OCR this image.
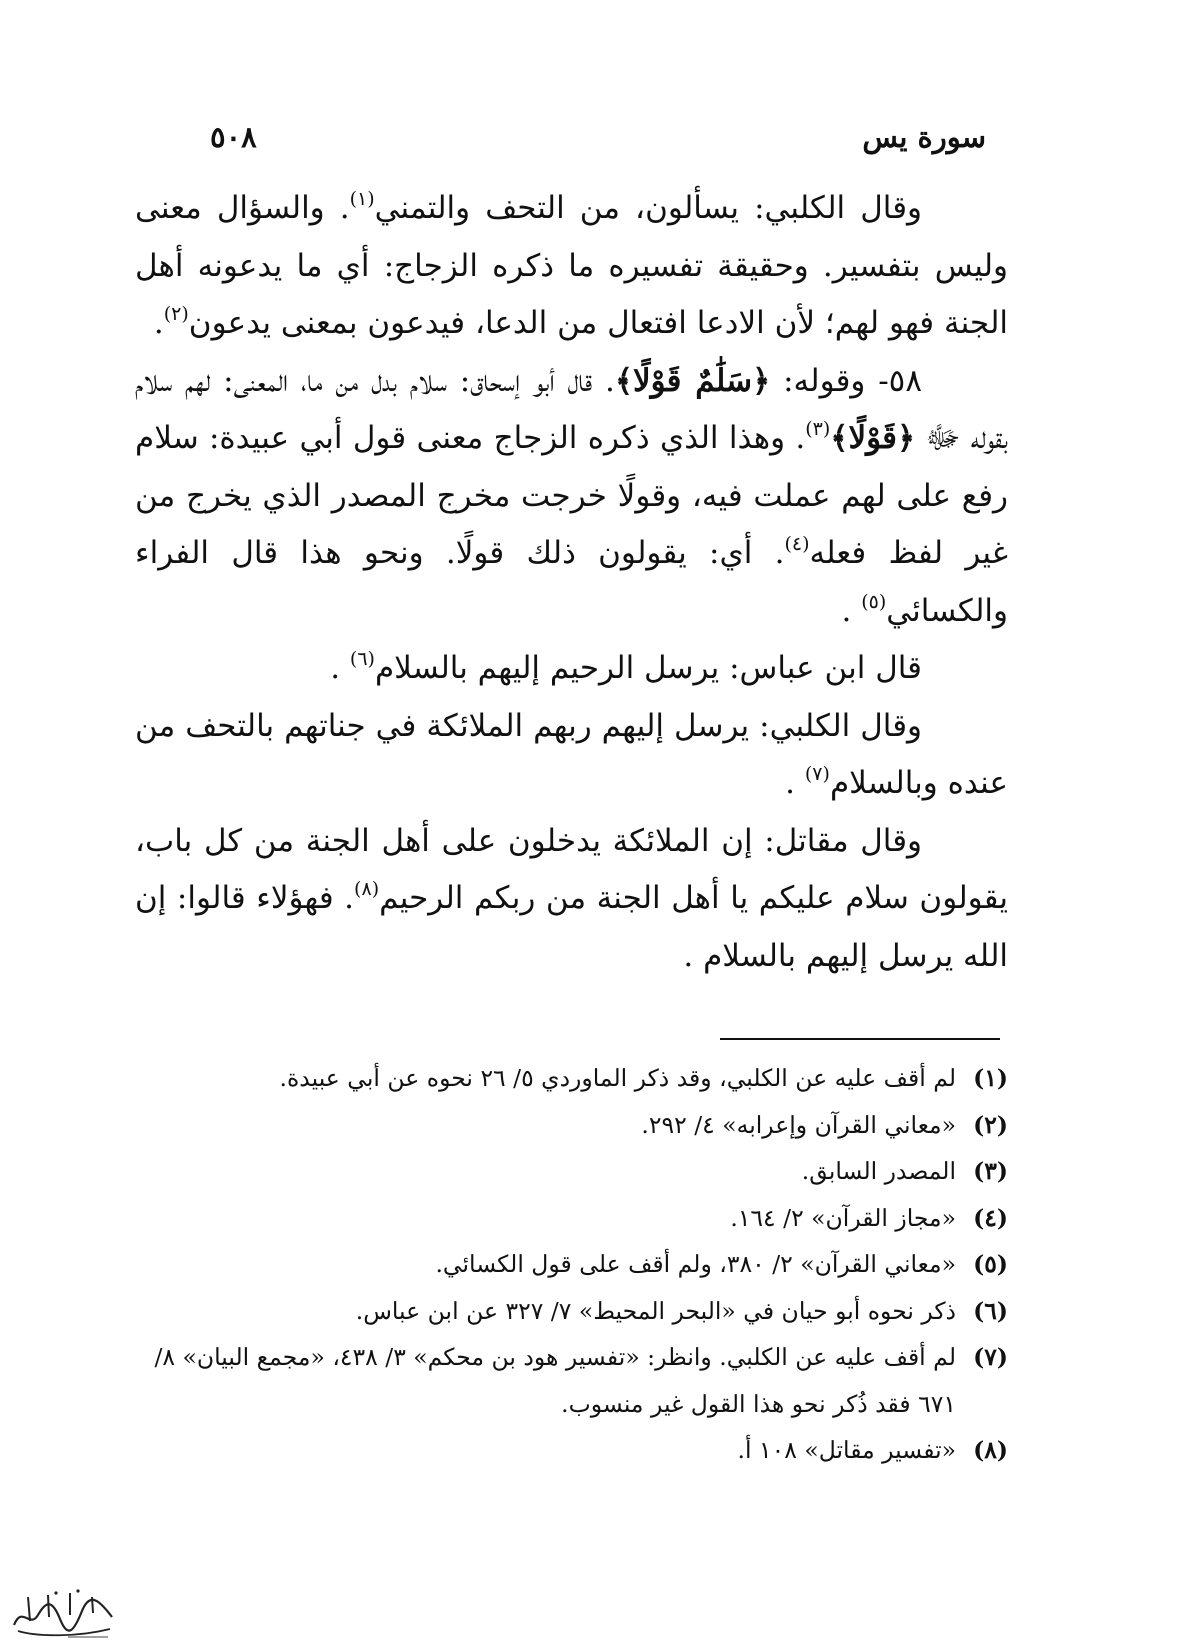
سورة يس
٥٠٨

وقال الكلبي: يسألون، من التحف والتمني$^{(١)}$. والسؤال معنى وليس بتفسير. وحقيقة تفسيره ما ذكره الزجاج: أي ما يدعونه أهل الجنة فهو لهم؛ لأن الادعا افتعال من الدعا، فيدعون بمعنى يدعون$^{(٢)}$.

٥٨- وقوله: ﴿سَلَٰمٌ قَوْلًا﴾. قال أبو إسحاق: سلام بدل من ما، المعنى: لهم سلام بقوله ﷻ ﴿قَوْلًا﴾$^{(٣)}$. وهذا الذي ذكره الزجاج معنى قول أبي عبيدة: سلام رفع على لهم عملت فيه، وقولًا خرجت مخرج المصدر الذي يخرج من غير لفظ فعله$^{(٤)}$. أي: يقولون ذلك قولًا. ونحو هذا قال الفراء والكسائي$^{(٥)}$ .

قال ابن عباس: يرسل الرحيم إليهم بالسلام$^{(٦)}$ .

وقال الكلبي: يرسل إليهم ربهم الملائكة في جناتهم بالتحف من عنده وبالسلام$^{(٧)}$ .

وقال مقاتل: إن الملائكة يدخلون على أهل الجنة من كل باب، يقولون سلام عليكم يا أهل الجنة من ربكم الرحيم$^{(٨)}$. فهؤلاء قالوا: إن الله يرسل إليهم بالسلام .

(١)
لم أقف عليه عن الكلبي، وقد ذكر الماوردي ٥/ ٢٦ نحوه عن أبي عبيدة.
(٢)
«معاني القرآن وإعرابه» ٤/ ٢٩٢.
(٣)
المصدر السابق.
(٤)
«مجاز القرآن» ٢/ ١٦٤.
(٥)
«معاني القرآن» ٢/ ٣٨٠، ولم أقف على قول الكسائي.
(٦)
ذكر نحوه أبو حيان في «البحر المحيط» ٧/ ٣٢٧ عن ابن عباس.
(٧)
لم أقف عليه عن الكلبي. وانظر: «تفسير هود بن محكم» ٣/ ٤٣٨، «مجمع البيان» ٨/ ٦٧١ فقد ذُكر نحو هذا القول غير منسوب.
(٨)
«تفسير مقاتل» ١٠٨ أ.
